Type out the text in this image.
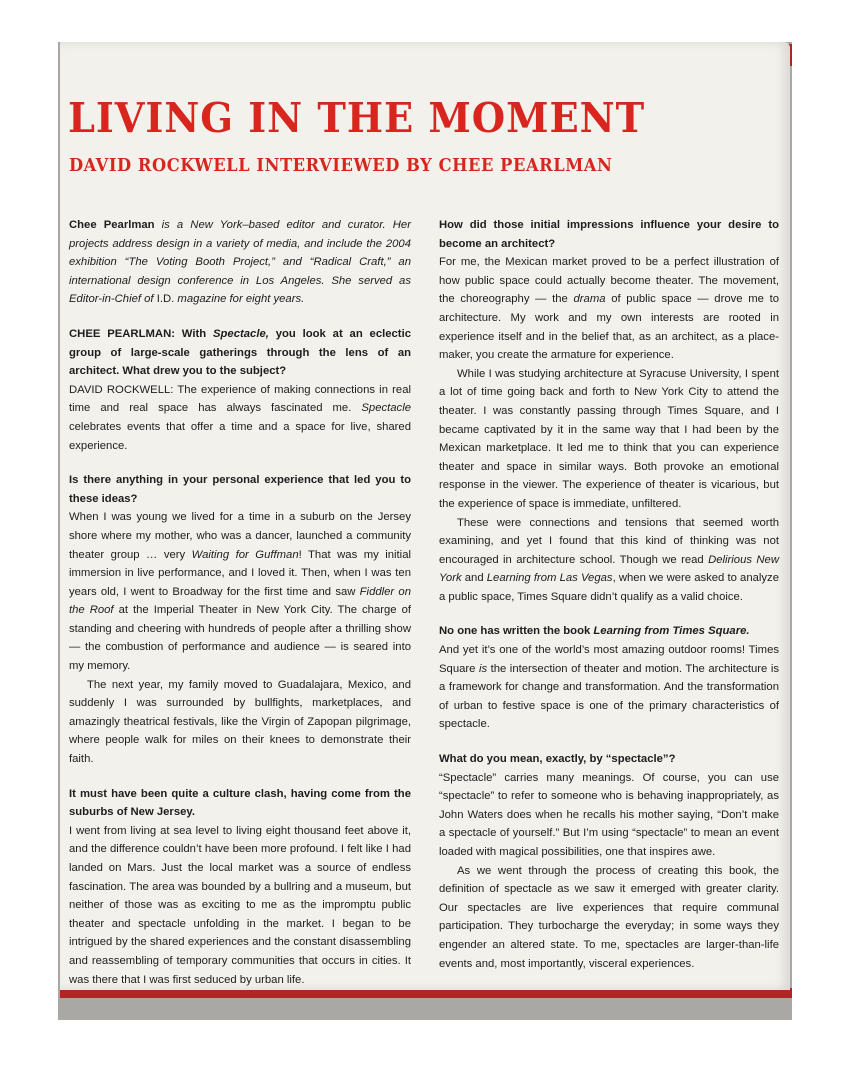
LIVING IN THE MOMENT
DAVID ROCKWELL INTERVIEWED BY CHEE PEARLMAN

Chee Pearlman is a New York–based editor and curator. Her projects address design in a variety of media, and include the 2004 exhibition “The Voting Booth Project,” and “Radical Craft,” an international design conference in Los Angeles. She served as Editor-in-Chief of I.D. magazine for eight years.

CHEE PEARLMAN: With Spectacle, you look at an eclectic group of large-scale gatherings through the lens of an architect. What drew you to the subject?

DAVID ROCKWELL: The experience of making connections in real time and real space has always fascinated me. Spectacle celebrates events that offer a time and a space for live, shared experience.

Is there anything in your personal experience that led you to these ideas?

When I was young we lived for a time in a suburb on the Jersey shore where my mother, who was a dancer, launched a community theater group … very Waiting for Guffman! That was my initial immersion in live performance, and I loved it. Then, when I was ten years old, I went to Broadway for the first time and saw Fiddler on the Roof at the Imperial Theater in New York City. The charge of standing and cheering with hundreds of people after a thrilling show — the combustion of performance and audience — is seared into my memory.

The next year, my family moved to Guadalajara, Mexico, and suddenly I was surrounded by bullfights, marketplaces, and amazingly theatrical festivals, like the Virgin of Zapopan pilgrimage, where people walk for miles on their knees to demonstrate their faith.

It must have been quite a culture clash, having come from the suburbs of New Jersey.

I went from living at sea level to living eight thousand feet above it, and the difference couldn’t have been more profound. I felt like I had landed on Mars. Just the local market was a source of endless fascination. The area was bounded by a bullring and a museum, but neither of those was as exciting to me as the impromptu public theater and spectacle unfolding in the market. I began to be intrigued by the shared experiences and the constant disassembling and reassembling of temporary communities that occurs in cities. It was there that I was first seduced by urban life.

How did those initial impressions influence your desire to become an architect?

For me, the Mexican market proved to be a perfect illustration of how public space could actually become theater. The movement, the choreography — the drama of public space — drove me to architecture. My work and my own interests are rooted in experience itself and in the belief that, as an architect, as a place-maker, you create the armature for experience.

While I was studying architecture at Syracuse University, I spent a lot of time going back and forth to New York City to attend the theater. I was constantly passing through Times Square, and I became captivated by it in the same way that I had been by the Mexican marketplace. It led me to think that you can experience theater and space in similar ways. Both provoke an emotional response in the viewer. The experience of theater is vicarious, but the experience of space is immediate, unfiltered.

These were connections and tensions that seemed worth examining, and yet I found that this kind of thinking was not encouraged in architecture school. Though we read Delirious New York and Learning from Las Vegas, when we were asked to analyze a public space, Times Square didn’t qualify as a valid choice.

No one has written the book Learning from Times Square.

And yet it’s one of the world’s most amazing outdoor rooms! Times Square is the intersection of theater and motion. The architecture is a framework for change and transformation. And the transformation of urban to festive space is one of the primary characteristics of spectacle.

What do you mean, exactly, by “spectacle”?

“Spectacle” carries many meanings. Of course, you can use “spectacle” to refer to someone who is behaving inappropriately, as John Waters does when he recalls his mother saying, “Don’t make a spectacle of yourself.” But I’m using “spectacle” to mean an event loaded with magical possibilities, one that inspires awe.

As we went through the process of creating this book, the definition of spectacle as we saw it emerged with greater clarity. Our spectacles are live experiences that require communal participation. They turbocharge the everyday; in some ways they engender an altered state. To me, spectacles are larger-than-life events and, most importantly, visceral experiences.
